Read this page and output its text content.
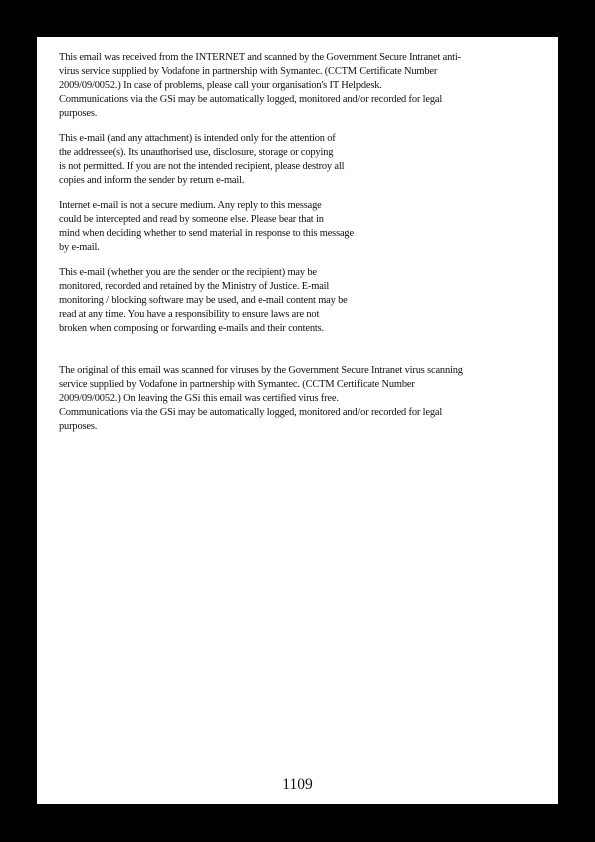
This email was received from the INTERNET and scanned by the Government Secure Intranet anti-
virus service supplied by Vodafone in partnership with Symantec. (CCTM Certificate Number
2009/09/0052.) In case of problems, please call your organisation's IT Helpdesk.
Communications via the GSi may be automatically logged, monitored and/or recorded for legal
purposes.
This e-mail (and any attachment) is intended only for the attention of
the addressee(s). Its unauthorised use, disclosure, storage or copying
is not permitted. If you are not the intended recipient, please destroy all
copies and inform the sender by return e-mail.
Internet e-mail is not a secure medium. Any reply to this message
could be intercepted and read by someone else. Please bear that in
mind when deciding whether to send material in response to this message
by e-mail.
This e-mail (whether you are the sender or the recipient) may be
monitored, recorded and retained by the Ministry of Justice. E-mail
monitoring / blocking software may be used, and e-mail content may be
read at any time. You have a responsibility to ensure laws are not
broken when composing or forwarding e-mails and their contents.
The original of this email was scanned for viruses by the Government Secure Intranet virus scanning
service supplied by Vodafone in partnership with Symantec. (CCTM Certificate Number
2009/09/0052.) On leaving the GSi this email was certified virus free.
Communications via the GSi may be automatically logged, monitored and/or recorded for legal
purposes.
1109
